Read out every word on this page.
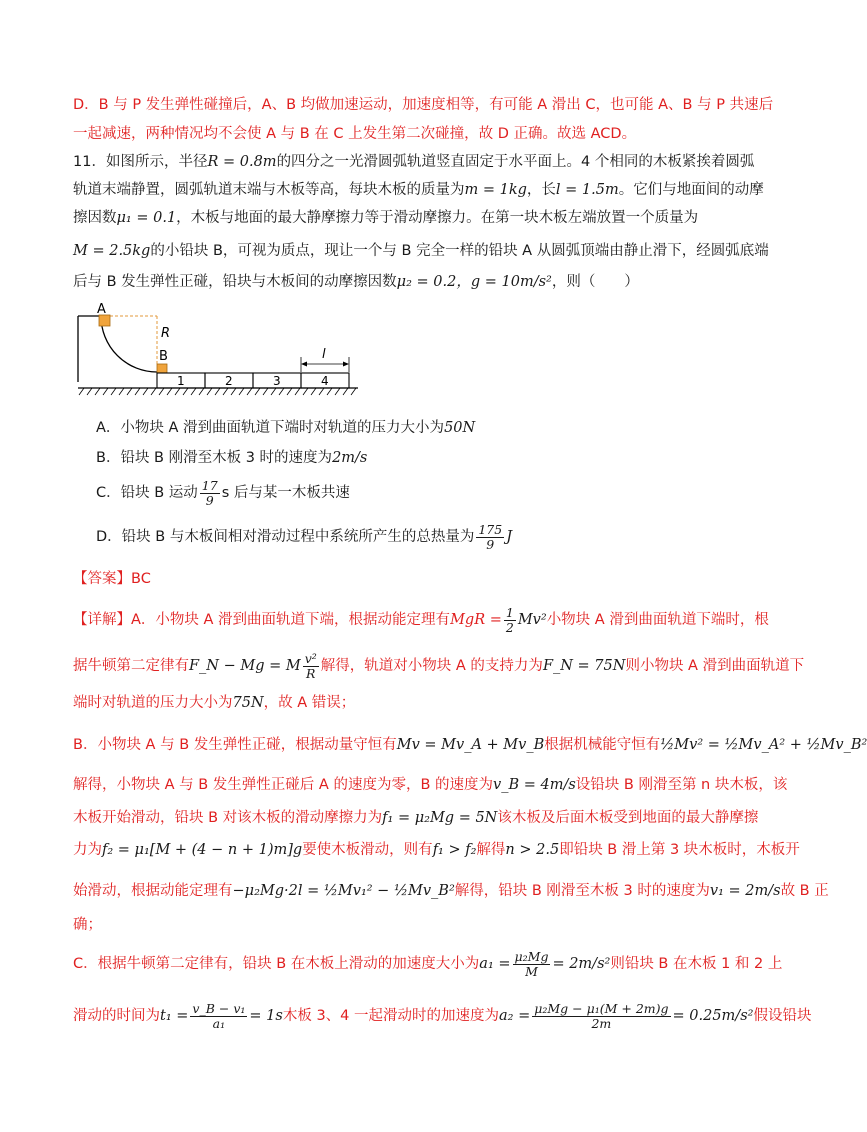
D．B 与 P 发生弹性碰撞后，A、B 均做加速运动，加速度相等，有可能 A 滑出 C，也可能 A、B 与 P 共速后
一起减速，两种情况均不会使 A 与 B 在 C 上发生第二次碰撞，故 D 正确。故选 ACD。
11．如图所示，半径R = 0.8m的四分之一光滑圆弧轨道竖直固定于水平面上。4 个相同的木板紧挨着圆弧
轨道末端静置，圆弧轨道末端与木板等高，每块木板的质量为m = 1kg，长l = 1.5m。它们与地面间的动摩
擦因数μ₁ = 0.1，木板与地面的最大静摩擦力等于滑动摩擦力。在第一块木板左端放置一个质量为
M = 2.5kg的小铅块 B，可视为质点，现让一个与 B 完全一样的铅块 A 从圆弧顶端由静止滑下，经圆弧底端
后与 B 发生弹性正碰，铅块与木板间的动摩擦因数μ₂ = 0.2，g = 10m/s²，则（　　）
A
R
B
1	2	3	4
l
A．小物块 A 滑到曲面轨道下端时对轨道的压力大小为50N
B．铅块 B 刚滑至木板 3 时的速度为2m/s
C．铅块 B 运动 $\frac{17}{9}$ s 后与某一木板共速
D．铅块 B 与木板间相对滑动过程中系统所产生的总热量为 $\frac{175}{9}$ J
【答案】BC
【详解】A．小物块 A 滑到曲面轨道下端，根据动能定理有MgR = $\frac{1}{2} Mv^2$小物块 A 滑到曲面轨道下端时，根
据牛顿第二定律有F_N − Mg = M $\frac{\text{v²}}{R}$ 解得，轨道对小物块 A 的支持力为F_N = 75N则小物块 A 滑到曲面轨道下
端时对轨道的压力大小为75N，故 A 错误；
B．小物块 A 与 B 发生弹性正碰，根据动量守恒有Mv = Mv_A + Mv_B根据机械能守恒有½Mv² = ½Mv_A² + ½Mv_B²
解得，小物块 A 与 B 发生弹性正碰后 A 的速度为零，B 的速度为v_B = 4m/s设铅块 B 刚滑至第 n 块木板，该
木板开始滑动，铅块 B 对该木板的滑动摩擦力为f₁ = μ₂Mg = 5N该木板及后面木板受到地面的最大静摩擦
力为f₂ = μ₁[M + (4 − n + 1)m]g要使木板滑动，则有f₁ > f₂解得n > 2.5即铅块 B 滑上第 3 块木板时，木板开
始滑动，根据动能定理有−μ₂Mg·2l = ½Mv₁² − ½Mv_B²解得，铅块 B 刚滑至木板 3 时的速度为v₁ = 2m/s故 B 正
确；
C．根据牛顿第二定律有，铅块 B 在木板上滑动的加速度大小为$a_1 = \frac{\text{μ₂Mg}}{M} = 2m/s^2$则铅块 B 在木板 1 和 2 上
滑动的时间为$t_1 = \frac{\text{v\_B − v₁}}{\text{a₁}} = 1s$木板 3、4 一起滑动时的加速度为$a_2 = \frac{\text{μ₂Mg − μ₁(M + 2m)g}}{2m} = 0.25m/s^2$假设铅块
